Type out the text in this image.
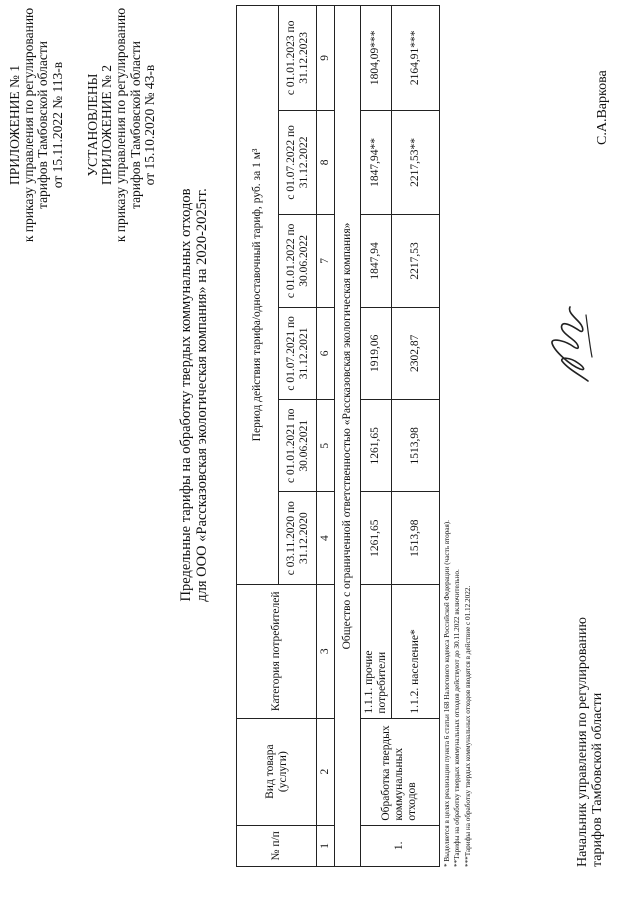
ПРИЛОЖЕНИЕ № 1 к приказу управления по регулированию тарифов Тамбовской области от 15.11.2022 № 113-в УСТАНОВЛЕНЫ ПРИЛОЖЕНИЕ № 2 к приказу управления по регулированию тарифов Тамбовской области от 15.10.2020 № 43-в
Предельные тарифы на обработку твердых коммунальных отходов для ООО «Рассказовская экологическая компания» на 2020-2025гг.
№ п/п	Вид товара (услуги)	Категория потребителей	Период действия тарифа/одноставочный тариф, руб. за 1 м³					
			с 03.11.2020 по 31.12.2020	с 01.01.2021 по 30.06.2021	с 01.07.2021 по 31.12.2021	с 01.01.2022 по 30.06.2022	с 01.07.2022 по 31.12.2022	с 01.01.2023 по 31.12.2023
1	2	3	4	5	6	7	8	9
Общество с ограниченной ответственностью «Рассказовская экологическая компания»								
1.	Обработка твердых коммунальных отходов	1.1.1. прочие потребители	1261,65	1261,65	1919,06	1847,94	1847,94**	1804,09***
		1.1.2. население*	1513,98	1513,98	2302,87	2217,53	2217,53**	2164,91***
* Выделяется в целях реализации пункта 6 статьи 168 Налогового кодекса Российской Федерации (часть вторая). **Тарифы на обработку твердых коммунальных отходов действуют до 30.11.2022 включительно. ***Тарифы на обработку твердых коммунальных отходов вводятся в действие с 01.12.2022.	Начальник управления по регулированию тарифов Тамбовской области
С.А.Варкова
